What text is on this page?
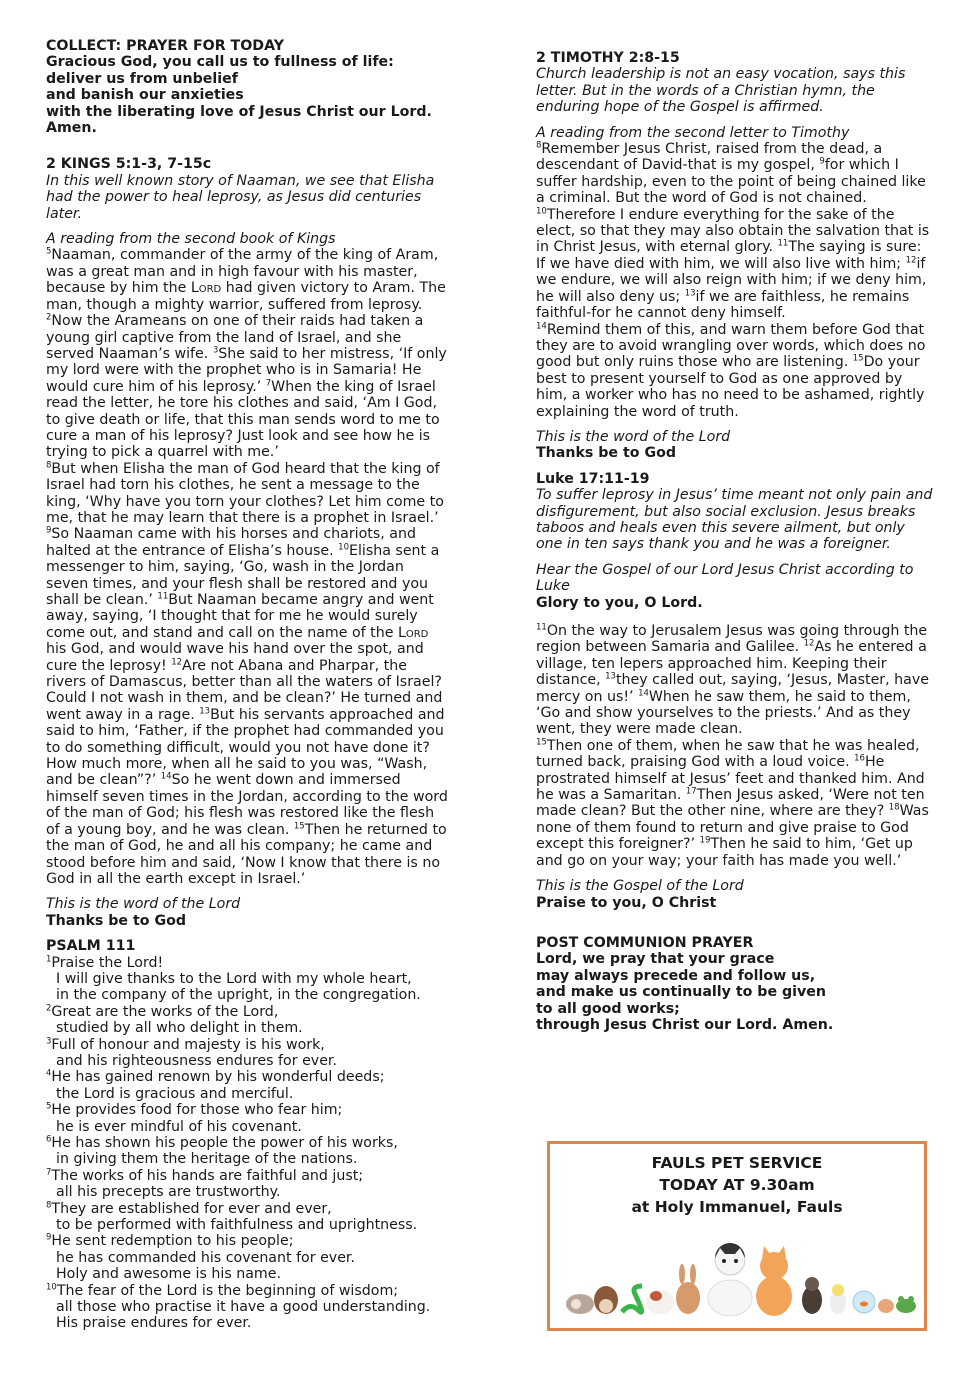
COLLECT: PRAYER FOR TODAY

Gracious God, you call us to fullness of life:

deliver us from unbelief

and banish our anxieties

with the liberating love of Jesus Christ our Lord.

Amen.

2 KINGS 5:1-3, 7-15c

In this well known story of Naaman, we see that Elisha had the power to heal leprosy, as Jesus did centuries later.

A reading from the second book of Kings

$^5$Naaman, commander of the army of the king of Aram, was a great man and in high favour with his master, because by him the Lord had given victory to Aram. The man, though a mighty warrior, suffered from leprosy. $^2$Now the Arameans on one of their raids had taken a young girl captive from the land of Israel, and she served Naaman’s wife. $^3$She said to her mistress, ‘If only my lord were with the prophet who is in Samaria! He would cure him of his leprosy.’ $^7$When the king of Israel read the letter, he tore his clothes and said, ‘Am I God, to give death or life, that this man sends word to me to cure a man of his leprosy? Just look and see how he is trying to pick a quarrel with me.’

$^8$But when Elisha the man of God heard that the king of Israel had torn his clothes, he sent a message to the king, ‘Why have you torn your clothes? Let him come to me, that he may learn that there is a prophet in Israel.’ $^9$So Naaman came with his horses and chariots, and halted at the entrance of Elisha’s house. $^{10}$Elisha sent a messenger to him, saying, ‘Go, wash in the Jordan seven times, and your flesh shall be restored and you shall be clean.’ $^{11}$But Naaman became angry and went away, saying, ‘I thought that for me he would surely come out, and stand and call on the name of the Lord his God, and would wave his hand over the spot, and cure the leprosy! $^{12}$Are not Abana and Pharpar, the rivers of Damascus, better than all the waters of Israel? Could I not wash in them, and be clean?’ He turned and went away in a rage. $^{13}$But his servants approached and said to him, ‘Father, if the prophet had commanded you to do something difficult, would you not have done it? How much more, when all he said to you was, “Wash, and be clean”?’ $^{14}$So he went down and immersed himself seven times in the Jordan, according to the word of the man of God; his flesh was restored like the flesh of a young boy, and he was clean. $^{15}$Then he returned to the man of God, he and all his company; he came and stood before him and said, ‘Now I know that there is no God in all the earth except in Israel.’

This is the word of the Lord

Thanks be to God

PSALM 111

$^1$Praise the Lord!

I will give thanks to the Lord with my whole heart,

in the company of the upright, in the congregation.

$^2$Great are the works of the Lord,

studied by all who delight in them.

$^3$Full of honour and majesty is his work,

and his righteousness endures for ever.

$^4$He has gained renown by his wonderful deeds;

the Lord is gracious and merciful.

$^5$He provides food for those who fear him;

he is ever mindful of his covenant.

$^6$He has shown his people the power of his works,

in giving them the heritage of the nations.

$^7$The works of his hands are faithful and just;

all his precepts are trustworthy.

$^8$They are established for ever and ever,

to be performed with faithfulness and uprightness.

$^9$He sent redemption to his people;

he has commanded his covenant for ever.

Holy and awesome is his name.

$^{10}$The fear of the Lord is the beginning of wisdom;

all those who practise it have a good understanding.

His praise endures for ever.

2 TIMOTHY 2:8-15

Church leadership is not an easy vocation, says this letter. But in the words of a Christian hymn, the enduring hope of the Gospel is affirmed.

A reading from the second letter to Timothy

$^8$Remember Jesus Christ, raised from the dead, a descendant of David-that is my gospel, $^9$for which I suffer hardship, even to the point of being chained like a criminal. But the word of God is not chained. $^{10}$Therefore I endure everything for the sake of the elect, so that they may also obtain the salvation that is in Christ Jesus, with eternal glory. $^{11}$The saying is sure: If we have died with him, we will also live with him; $^{12}$if we endure, we will also reign with him; if we deny him, he will also deny us; $^{13}$if we are faithless, he remains faithful-for he cannot deny himself.

$^{14}$Remind them of this, and warn them before God that they are to avoid wrangling over words, which does no good but only ruins those who are listening. $^{15}$Do your best to present yourself to God as one approved by him, a worker who has no need to be ashamed, rightly explaining the word of truth.

This is the word of the Lord

Thanks be to God

Luke 17:11-19

To suffer leprosy in Jesus’ time meant not only pain and disfigurement, but also social exclusion. Jesus breaks taboos and heals even this severe ailment, but only one in ten says thank you and he was a foreigner.

Hear the Gospel of our Lord Jesus Christ according to Luke

Glory to you, O Lord.

$^{11}$On the way to Jerusalem Jesus was going through the region between Samaria and Galilee. $^{12}$As he entered a village, ten lepers approached him. Keeping their distance, $^{13}$they called out, saying, ‘Jesus, Master, have mercy on us!’ $^{14}$When he saw them, he said to them, ‘Go and show yourselves to the priests.’ And as they went, they were made clean.

$^{15}$Then one of them, when he saw that he was healed, turned back, praising God with a loud voice. $^{16}$He prostrated himself at Jesus’ feet and thanked him. And he was a Samaritan. $^{17}$Then Jesus asked, ‘Were not ten made clean? But the other nine, where are they? $^{18}$Was none of them found to return and give praise to God except this foreigner?’ $^{19}$Then he said to him, ‘Get up and go on your way; your faith has made you well.’

This is the Gospel of the Lord

Praise to you, O Christ

POST COMMUNION PRAYER

Lord, we pray that your grace

may always precede and follow us,

and make us continually to be given

to all good works;

through Jesus Christ our Lord. Amen.

FAULS PET SERVICE
TODAY AT 9.30am
at Holy Immanuel, Fauls
